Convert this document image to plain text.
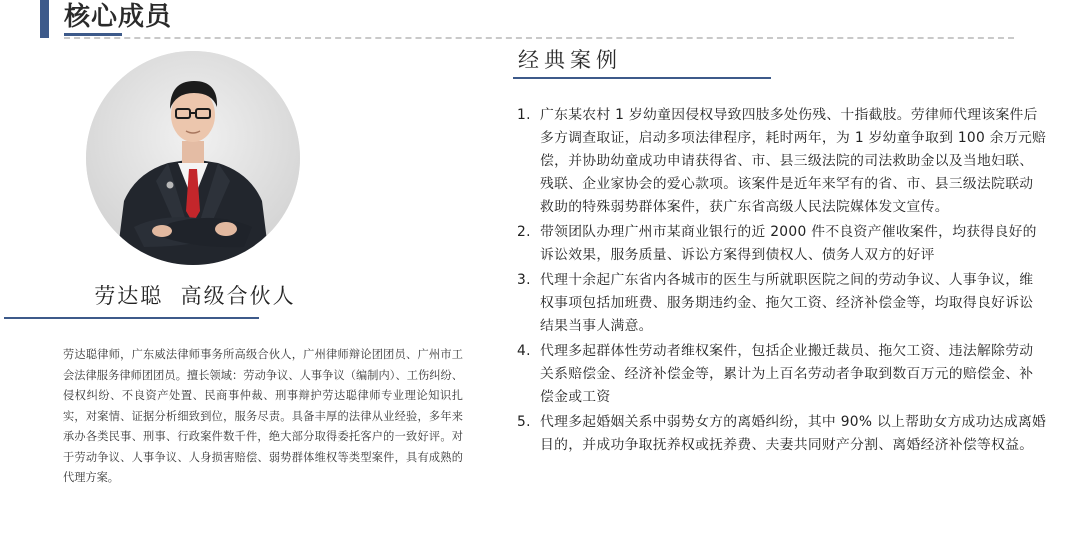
核心成员
劳达聪  高级合伙人
劳达聪律师，广东威法律师事务所高级合伙人，广州律师辩论团团员、广州市工会法律服务律师团团员。擅长领域：劳动争议、人事争议（编制内）、工伤纠纷、侵权纠纷、不良资产处置、民商事仲裁、刑事辩护劳达聪律师专业理论知识扎实，对案情、证据分析细致到位，服务尽责。具备丰厚的法律从业经验，多年来承办各类民事、刑事、行政案件数千件，绝大部分取得委托客户的一致好评。对于劳动争议、人事争议、人身损害赔偿、弱势群体维权等类型案件，具有成熟的代理方案。
经典案例
1. 广东某农村 1 岁幼童因侵权导致四肢多处伤残、十指截肢。劳律师代理该案件后多方调查取证，启动多项法律程序，耗时两年，为 1 岁幼童争取到 100 余万元赔偿，并协助幼童成功申请获得省、市、县三级法院的司法救助金以及当地妇联、残联、企业家协会的爱心款项。该案件是近年来罕有的省、市、县三级法院联动救助的特殊弱势群体案件，获广东省高级人民法院媒体发文宣传。
2. 带领团队办理广州市某商业银行的近 2000 件不良资产催收案件，均获得良好的诉讼效果，服务质量、诉讼方案得到债权人、债务人双方的好评
3. 代理十余起广东省内各城市的医生与所就职医院之间的劳动争议、人事争议，维权事项包括加班费、服务期违约金、拖欠工资、经济补偿金等，均取得良好诉讼结果当事人满意。
4. 代理多起群体性劳动者维权案件，包括企业搬迁裁员、拖欠工资、违法解除劳动关系赔偿金、经济补偿金等，累计为上百名劳动者争取到数百万元的赔偿金、补偿金或工资
5. 代理多起婚姻关系中弱势女方的离婚纠纷，其中 90% 以上帮助女方成功达成离婚目的，并成功争取抚养权或抚养费、夫妻共同财产分割、离婚经济补偿等权益。
